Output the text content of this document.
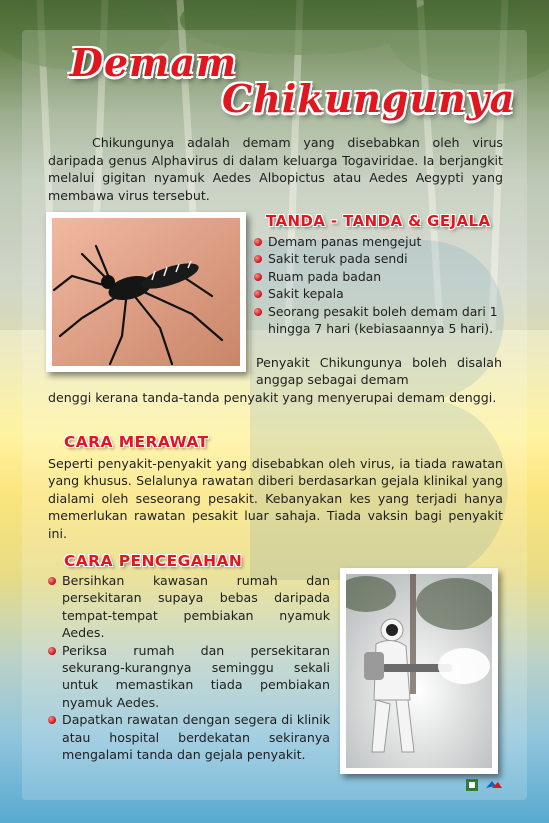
Demam
Chikungunya

Chikungunya adalah demam yang disebabkan oleh virus daripada genus Alphavirus di dalam keluarga Togaviridae. Ia berjangkit melalui gigitan nyamuk Aedes Albopictus atau Aedes Aegypti yang membawa virus tersebut.

TANDA - TANDA & GEJALA
Demam panas mengejut
Sakit teruk pada sendi
Ruam pada badan
Sakit kepala
Seorang pesakit boleh demam dari 1 hingga 7 hari (kebiasaannya 5 hari).

Penyakit Chikungunya boleh disalah anggap sebagai demam

denggi kerana tanda-tanda penyakit yang menyerupai demam denggi.

CARA MERAWAT

Seperti penyakit-penyakit yang disebabkan oleh virus, ia tiada rawatan yang khusus. Selalunya rawatan diberi berdasarkan gejala klinikal yang dialami oleh seseorang pesakit. Kebanyakan kes yang terjadi hanya memerlukan rawatan pesakit luar sahaja. Tiada vaksin bagi penyakit ini.

CARA PENCEGAHAN
Bersihkan kawasan rumah dan persekitaran supaya bebas daripada tempat-tempat pembiakan nyamuk Aedes.
Periksa rumah dan persekitaran sekurang-kurangnya seminggu sekali untuk memastikan tiada pembiakan nyamuk Aedes.
Dapatkan rawatan dengan segera di klinik atau hospital berdekatan sekiranya mengalami tanda dan gejala penyakit.
